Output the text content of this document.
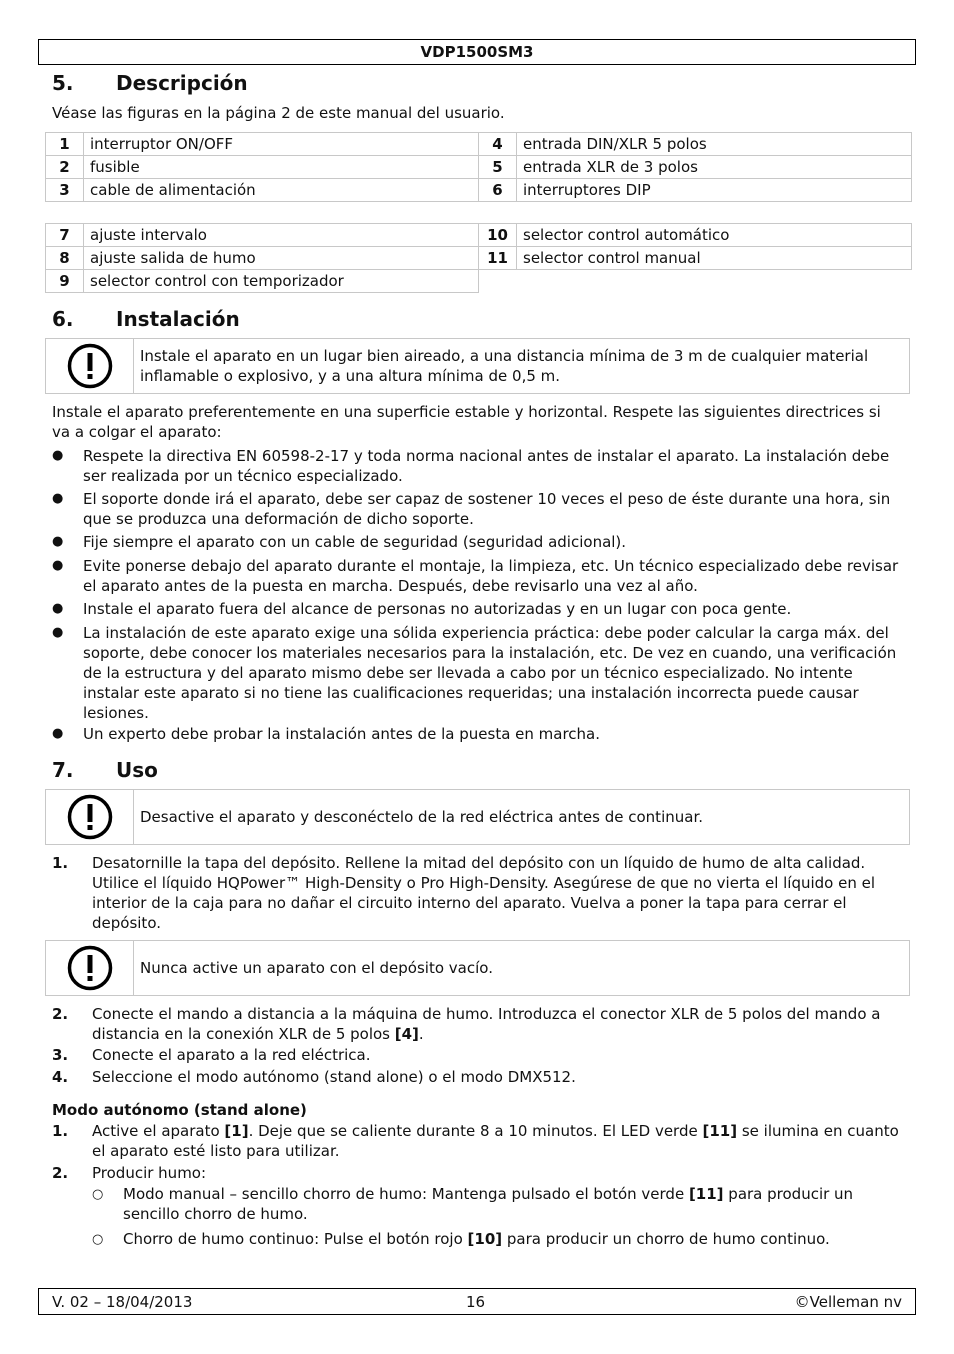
VDP1500SM3
5. Descripción
Véase las figuras en la página 2 de este manual del usuario.
1	interruptor ON/OFF	4	entrada DIN/XLR 5 polos
2	fusible	5	entrada XLR de 3 polos
3	cable de alimentación	6	interruptores DIP
7	ajuste intervalo	10	selector control automático
8	ajuste salida de humo	11	selector control manual
9	selector control con temporizador		
6. Instalación
Instale el aparato en un lugar bien aireado, a una distancia mínima de 3 m de cualquier material inflamable o explosivo, y a una altura mínima de 0,5 m.
Instale el aparato preferentemente en una superficie estable y horizontal. Respete las siguientes directrices si va a colgar el aparato:
● Respete la directiva EN 60598-2-17 y toda norma nacional antes de instalar el aparato. La instalación debe ser realizada por un técnico especializado.
● El soporte donde irá el aparato, debe ser capaz de sostener 10 veces el peso de éste durante una hora, sin que se produzca una deformación de dicho soporte.
● Fije siempre el aparato con un cable de seguridad (seguridad adicional).
● Evite ponerse debajo del aparato durante el montaje, la limpieza, etc. Un técnico especializado debe revisar el aparato antes de la puesta en marcha. Después, debe revisarlo una vez al año.
● Instale el aparato fuera del alcance de personas no autorizadas y en un lugar con poca gente.
● La instalación de este aparato exige una sólida experiencia práctica: debe poder calcular la carga máx. del soporte, debe conocer los materiales necesarios para la instalación, etc. De vez en cuando, una verificación de la estructura y del aparato mismo debe ser llevada a cabo por un técnico especializado. No intente instalar este aparato si no tiene las cualificaciones requeridas; una instalación incorrecta puede causar lesiones.
● Un experto debe probar la instalación antes de la puesta en marcha.
7. Uso
Desactive el aparato y desconéctelo de la red eléctrica antes de continuar.
1. Desatornille la tapa del depósito. Rellene la mitad del depósito con un líquido de humo de alta calidad. Utilice el líquido HQPower™ High-Density o Pro High-Density. Asegúrese de que no vierta el líquido en el interior de la caja para no dañar el circuito interno del aparato. Vuelva a poner la tapa para cerrar el depósito.
Nunca active un aparato con el depósito vacío.
2. Conecte el mando a distancia a la máquina de humo. Introduzca el conector XLR de 5 polos del mando a distancia en la conexión XLR de 5 polos [4].
3. Conecte el aparato a la red eléctrica.
4. Seleccione el modo autónomo (stand alone) o el modo DMX512.
Modo autónomo (stand alone)
1. Active el aparato [1]. Deje que se caliente durante 8 a 10 minutos. El LED verde [11] se ilumina en cuanto el aparato esté listo para utilizar.
2. Producir humo:
○ Modo manual – sencillo chorro de humo: Mantenga pulsado el botón verde [11] para producir un sencillo chorro de humo.
○ Chorro de humo continuo: Pulse el botón rojo [10] para producir un chorro de humo continuo.
V. 02 – 18/04/2013	16	©Velleman nv
